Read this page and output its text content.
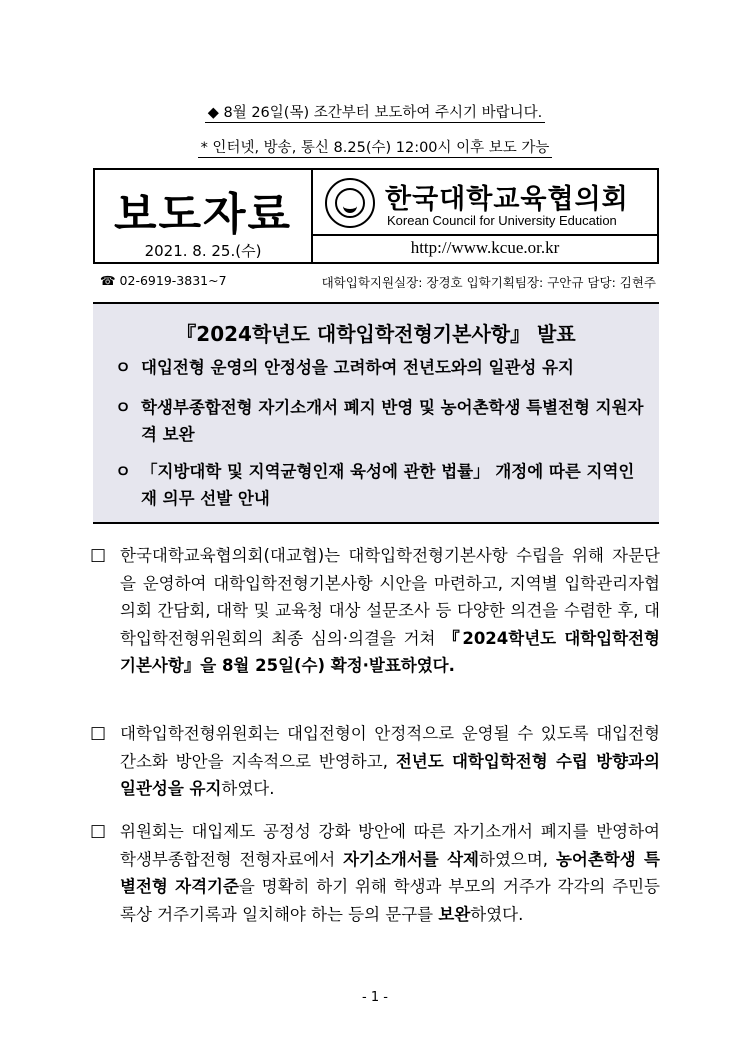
◆ 8월 26일(목) 조간부터 보도하여 주시기 바랍니다.
* 인터넷, 방송, 통신 8.25(수) 12:00시 이후 보도 가능
보도자료
2021. 8. 25.(수)
한국대학교육협의회
Korean Council for University Education
http://www.kcue.or.kr
☎ 02-6919-3831~7	대학입학지원실장: 장경호 입학기획팀장: 구안규 담당: 김현주
『2024학년도 대학입학전형기본사항』 발표
ㅇ 대입전형 운영의 안정성을 고려하여 전년도와의 일관성 유지
ㅇ 학생부종합전형 자기소개서 폐지 반영 및 농어촌학생 특별전형 지원자격 보완
ㅇ 「지방대학 및 지역균형인재 육성에 관한 법률」 개정에 따른 지역인재 의무 선발 안내
□ 한국대학교육협의회(대교협)는 대학입학전형기본사항 수립을 위해 자문단을 운영하여 대학입학전형기본사항 시안을 마련하고, 지역별 입학관리자협의회 간담회, 대학 및 교육청 대상 설문조사 등 다양한 의견을 수렴한 후, 대학입학전형위원회의 최종 심의·의결을 거쳐 『2024학년도 대학입학전형기본사항』을 8월 25일(수) 확정·발표하였다.
□ 대학입학전형위원회는 대입전형이 안정적으로 운영될 수 있도록 대입전형 간소화 방안을 지속적으로 반영하고, 전년도 대학입학전형 수립 방향과의 일관성을 유지하였다.
□ 위원회는 대입제도 공정성 강화 방안에 따른 자기소개서 폐지를 반영하여 학생부종합전형 전형자료에서 자기소개서를 삭제하였으며, 농어촌학생 특별전형 자격기준을 명확히 하기 위해 학생과 부모의 거주가 각각의 주민등록상 거주기록과 일치해야 하는 등의 문구를 보완하였다.
- 1 -
